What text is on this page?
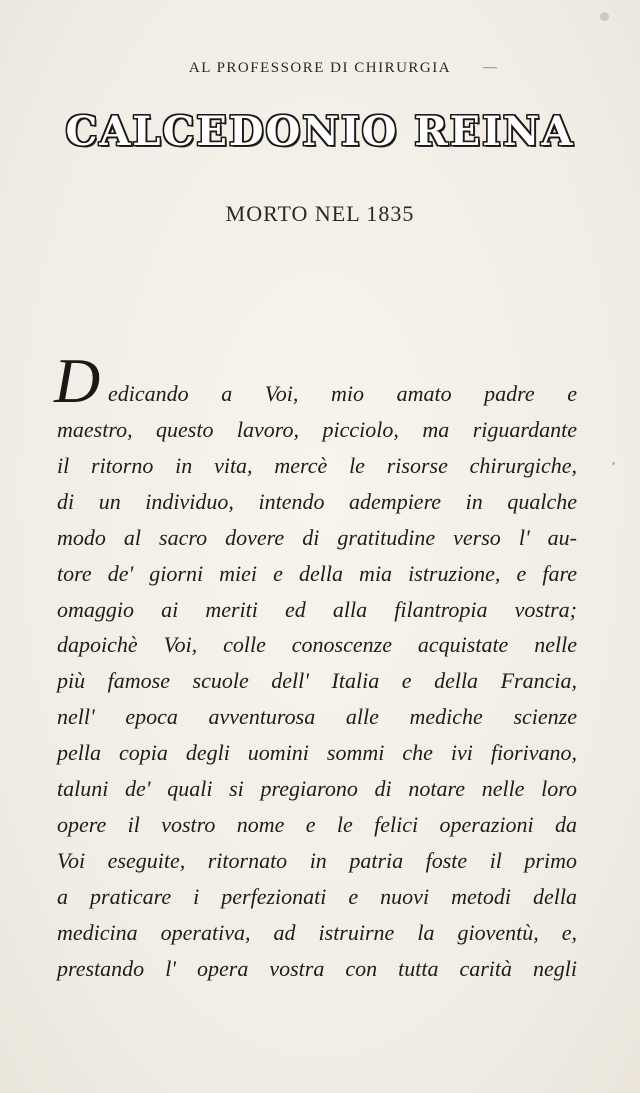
AL PROFESSORE DI CHIRURGIA	—
CALCEDONIO REINA
MORTO NEL 1835
D edicando a Voi, mio amato padre e
maestro, questo lavoro, picciolo, ma riguardante
il ritorno in vita, mercè le risorse chirurgiche,
di un individuo, intendo adempiere in qualche
modo al sacro dovere di gratitudine verso l' au-
tore de' giorni miei e della mia istruzione, e fare
omaggio ai meriti ed alla filantropia vostra;
dapoichè Voi, colle conoscenze acquistate nelle
più famose scuole dell' Italia e della Francia,
nell' epoca avventurosa alle mediche scienze
pella copia degli uomini sommi che ivi fiorivano,
taluni de' quali si pregiarono di notare nelle loro
opere il vostro nome e le felici operazioni da
Voi eseguite, ritornato in patria foste il primo
a praticare i perfezionati e nuovi metodi della
medicina operativa, ad istruirne la gioventù, e,
prestando l' opera vostra con tutta carità negli
